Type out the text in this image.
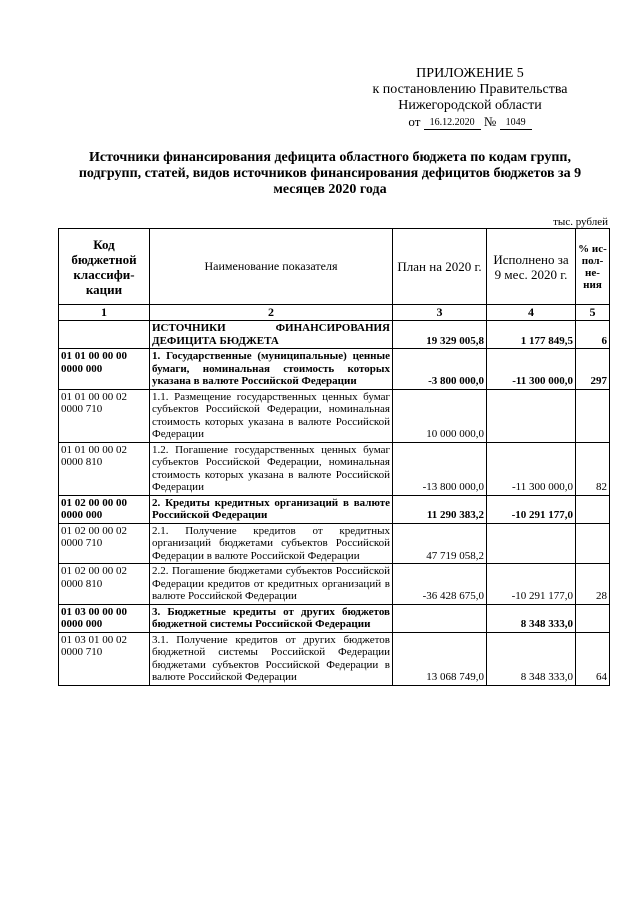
ПРИЛОЖЕНИЕ 5
к постановлению Правительства
Нижегородской области
от 16.12.2020 № 1049
Источники финансирования дефицита областного бюджета по кодам групп, подгрупп, статей, видов источников финансирования дефицитов бюджетов за 9 месяцев 2020 года
тыс. рублей
Код бюджетной классифи-кации	Наименование показателя	План на 2020 г.	Исполнено за 9 мес. 2020 г.	% ис-пол-не-ния
1	2	3	4	5
	ИСТОЧНИКИ ФИНАНСИРОВАНИЯ ДЕФИЦИТА БЮДЖЕТА	19 329 005,8	1 177 849,5	6
01 01 00 00 00 0000 000	1. Государственные (муниципальные) ценные бумаги, номинальная стоимость которых указана в валюте Российской Федерации	-3 800 000,0	-11 300 000,0	297
01 01 00 00 02 0000 710	1.1. Размещение государственных ценных бумаг субъектов Российской Федерации, номинальная стоимость которых указана в валюте Российской Федерации	10 000 000,0		
01 01 00 00 02 0000 810	1.2. Погашение государственных ценных бумаг субъектов Российской Федерации, номинальная стоимость которых указана в валюте Российской Федерации	-13 800 000,0	-11 300 000,0	82
01 02 00 00 00 0000 000	2. Кредиты кредитных организаций в валюте Российской Федерации	11 290 383,2	-10 291 177,0	
01 02 00 00 02 0000 710	2.1. Получение кредитов от кредитных организаций бюджетами субъектов Российской Федерации в валюте Российской Федерации	47 719 058,2		
01 02 00 00 02 0000 810	2.2. Погашение бюджетами субъектов Российской Федерации кредитов от кредитных организаций в валюте Российской Федерации	-36 428 675,0	-10 291 177,0	28
01 03 00 00 00 0000 000	3. Бюджетные кредиты от других бюджетов бюджетной системы Российской Федерации		8 348 333,0	
01 03 01 00 02 0000 710	3.1. Получение кредитов от других бюджетов бюджетной системы Российской Федерации бюджетами субъектов Российской Федерации в валюте Российской Федерации	13 068 749,0	8 348 333,0	64
